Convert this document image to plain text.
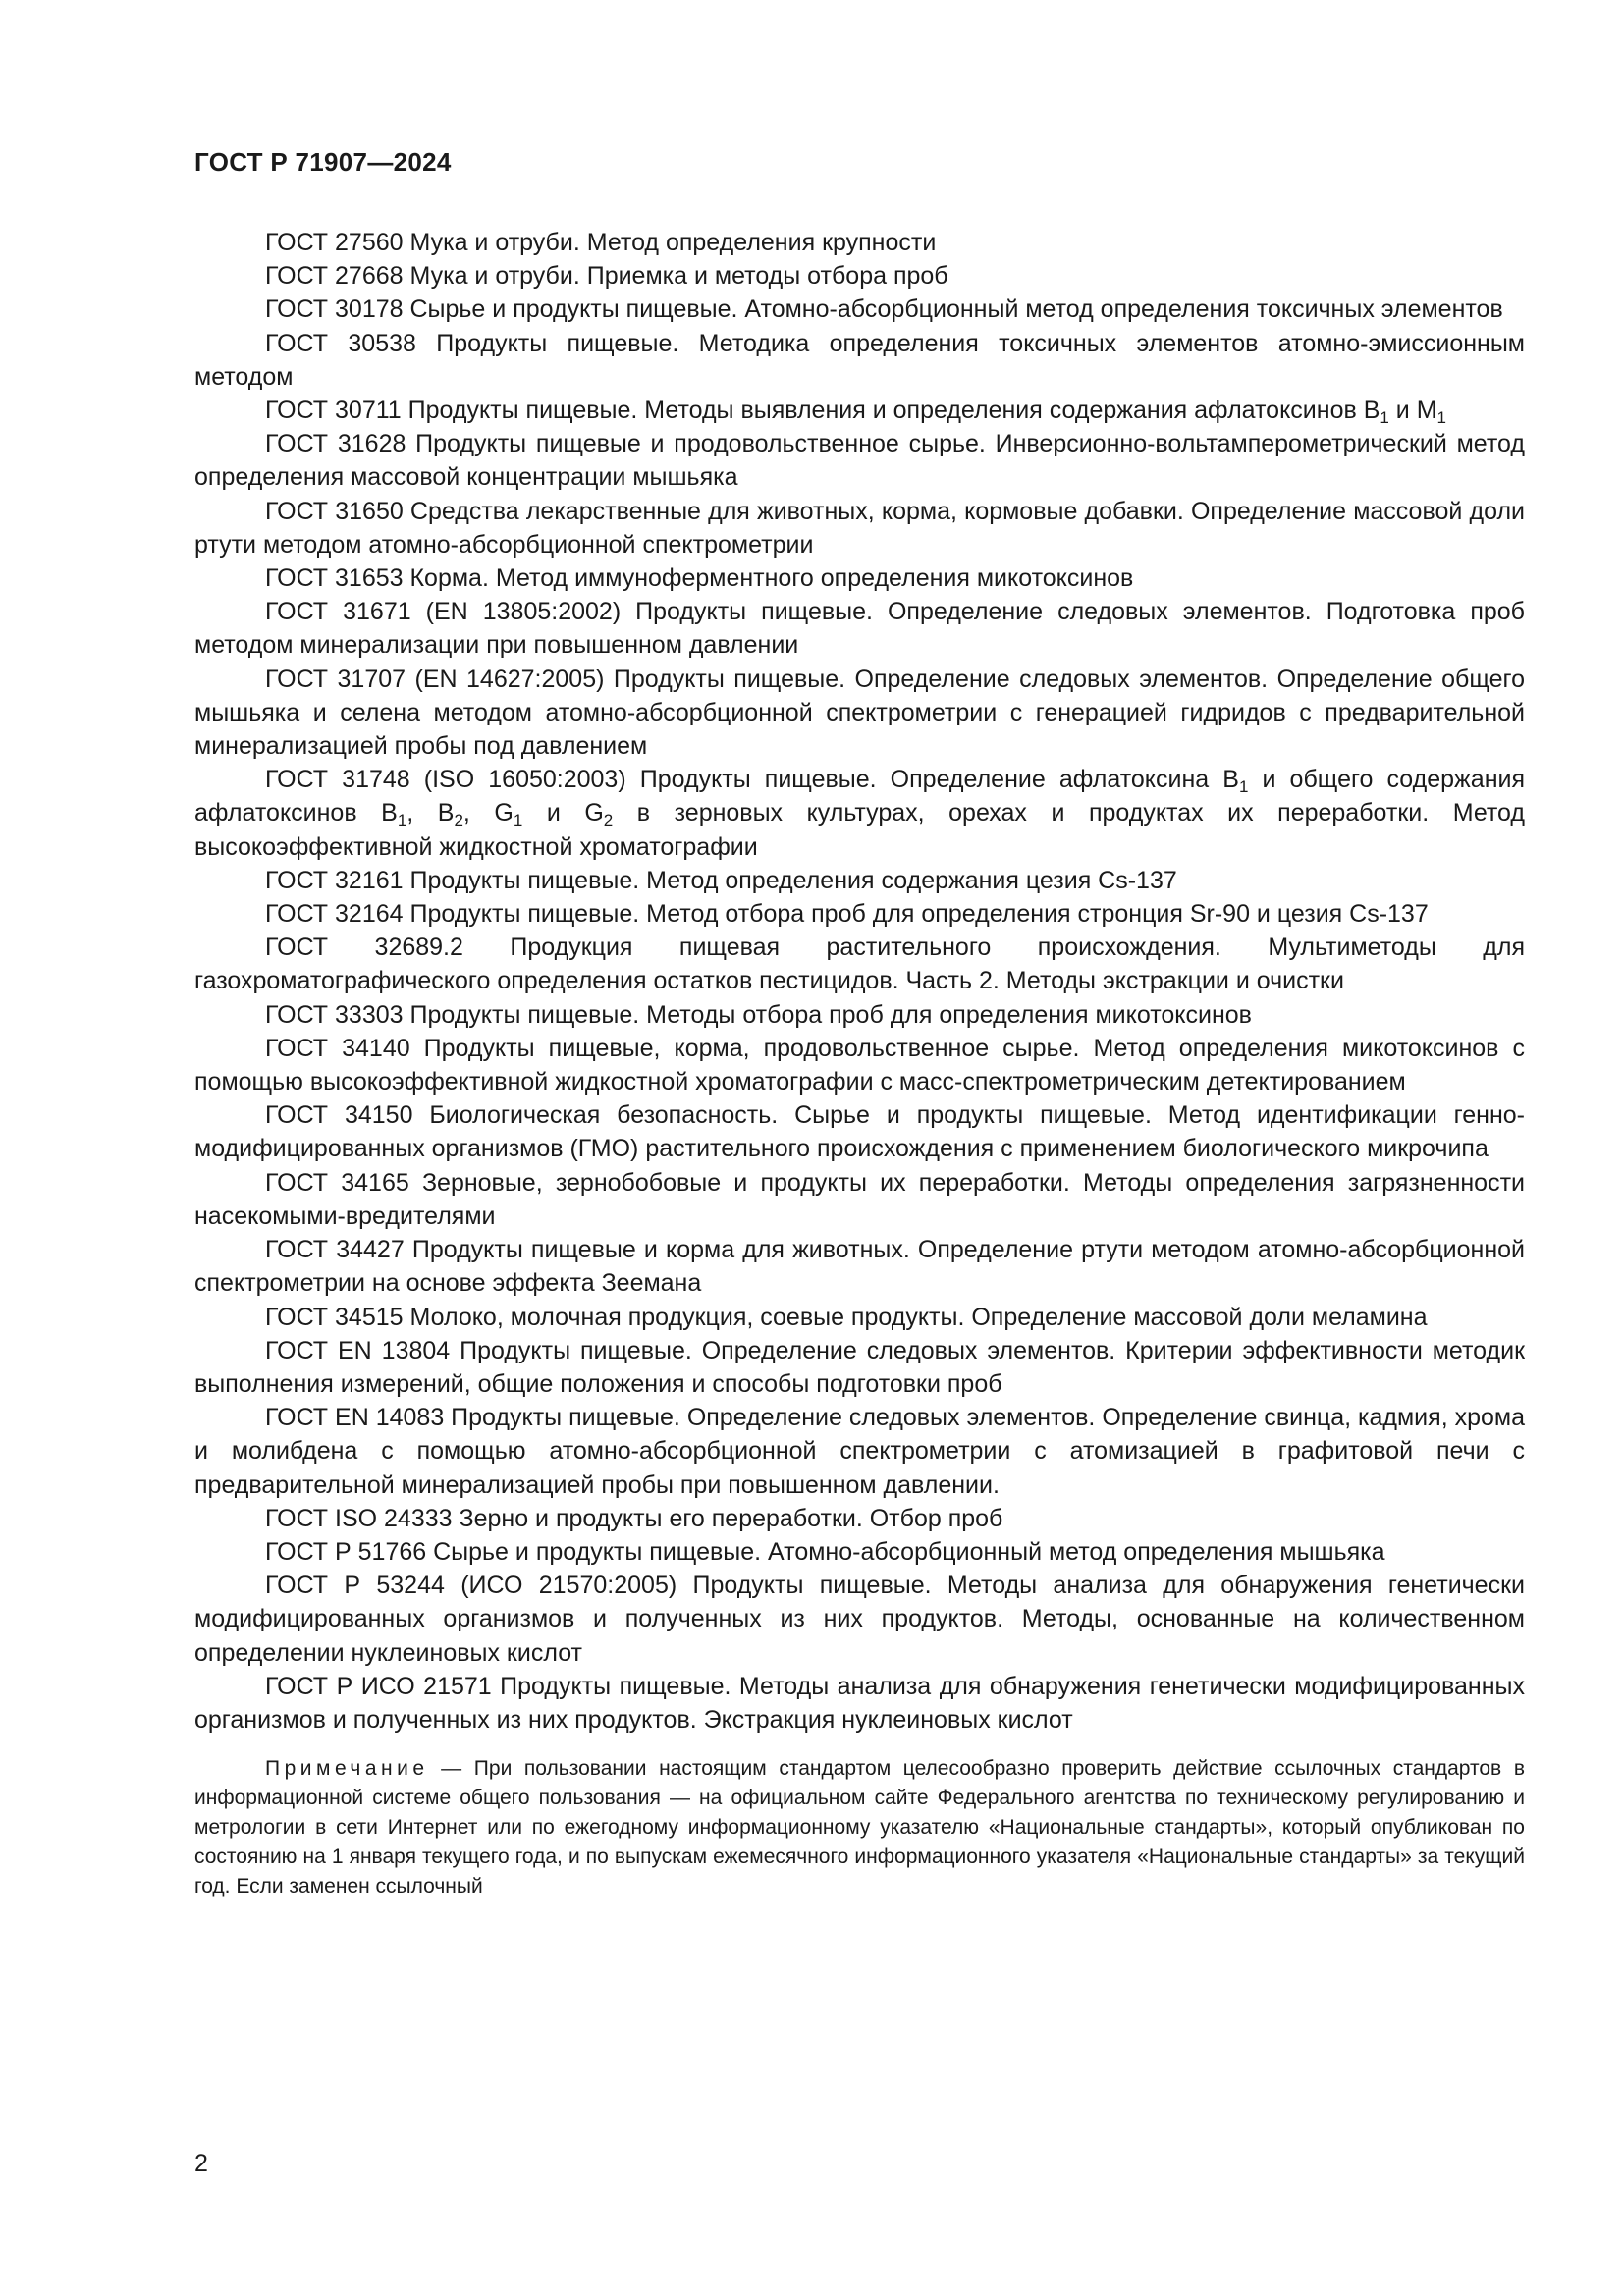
ГОСТ Р 71907—2024

ГОСТ 27560 Мука и отруби. Метод определения крупности

ГОСТ 27668 Мука и отруби. Приемка и методы отбора проб

ГОСТ 30178 Сырье и продукты пищевые. Атомно-абсорбционный метод определения токсичных элементов

ГОСТ 30538 Продукты пищевые. Методика определения токсичных элементов атомно-эмиссионным методом

ГОСТ 30711 Продукты пищевые. Методы выявления и определения содержания афлатоксинов $В_1$ и $М_1$

ГОСТ 31628 Продукты пищевые и продовольственное сырье. Инверсионно-вольтамперометрический метод определения массовой концентрации мышьяка

ГОСТ 31650 Средства лекарственные для животных, корма, кормовые добавки. Определение массовой доли ртути методом атомно-абсорбционной спектрометрии

ГОСТ 31653 Корма. Метод иммуноферментного определения микотоксинов

ГОСТ 31671 (EN 13805:2002) Продукты пищевые. Определение следовых элементов. Подготовка проб методом минерализации при повышенном давлении

ГОСТ 31707 (EN 14627:2005) Продукты пищевые. Определение следовых элементов. Определение общего мышьяка и селена методом атомно-абсорбционной спектрометрии с генерацией гидридов с предварительной минерализацией пробы под давлением

ГОСТ 31748 (ISO 16050:2003) Продукты пищевые. Определение афлатоксина $В_1$ и общего содержания афлатоксинов $В_1$, $В_2$, $G_1$ и $G_2$ в зерновых культурах, орехах и продуктах их переработки. Метод высокоэффективной жидкостной хроматографии

ГОСТ 32161 Продукты пищевые. Метод определения содержания цезия Cs-137

ГОСТ 32164 Продукты пищевые. Метод отбора проб для определения стронция Sr-90 и цезия Cs-137

ГОСТ 32689.2 Продукция пищевая растительного происхождения. Мультиметоды для газохроматографического определения остатков пестицидов. Часть 2. Методы экстракции и очистки

ГОСТ 33303 Продукты пищевые. Методы отбора проб для определения микотоксинов

ГОСТ 34140 Продукты пищевые, корма, продовольственное сырье. Метод определения микотоксинов с помощью высокоэффективной жидкостной хроматографии с масс-спектрометрическим детектированием

ГОСТ 34150 Биологическая безопасность. Сырье и продукты пищевые. Метод идентификации генно-модифицированных организмов (ГМО) растительного происхождения с применением биологического микрочипа

ГОСТ 34165 Зерновые, зернобобовые и продукты их переработки. Методы определения загрязненности насекомыми-вредителями

ГОСТ 34427 Продукты пищевые и корма для животных. Определение ртути методом атомно-абсорбционной спектрометрии на основе эффекта Зеемана

ГОСТ 34515 Молоко, молочная продукция, соевые продукты. Определение массовой доли меламина

ГОСТ EN 13804 Продукты пищевые. Определение следовых элементов. Критерии эффективности методик выполнения измерений, общие положения и способы подготовки проб

ГОСТ EN 14083 Продукты пищевые. Определение следовых элементов. Определение свинца, кадмия, хрома и молибдена с помощью атомно-абсорбционной спектрометрии с атомизацией в графитовой печи с предварительной минерализацией пробы при повышенном давлении.

ГОСТ ISO 24333 Зерно и продукты его переработки. Отбор проб

ГОСТ Р 51766 Сырье и продукты пищевые. Атомно-абсорбционный метод определения мышьяка

ГОСТ Р 53244 (ИСО 21570:2005) Продукты пищевые. Методы анализа для обнаружения генетически модифицированных организмов и полученных из них продуктов. Методы, основанные на количественном определении нуклеиновых кислот

ГОСТ Р ИСО 21571 Продукты пищевые. Методы анализа для обнаружения генетически модифицированных организмов и полученных из них продуктов. Экстракция нуклеиновых кислот

Примечание — При пользовании настоящим стандартом целесообразно проверить действие ссылочных стандартов в информационной системе общего пользования — на официальном сайте Федерального агентства по техническому регулированию и метрологии в сети Интернет или по ежегодному информационному указателю «Национальные стандарты», который опубликован по состоянию на 1 января текущего года, и по выпускам ежемесячного информационного указателя «Национальные стандарты» за текущий год. Если заменен ссылочный

2
